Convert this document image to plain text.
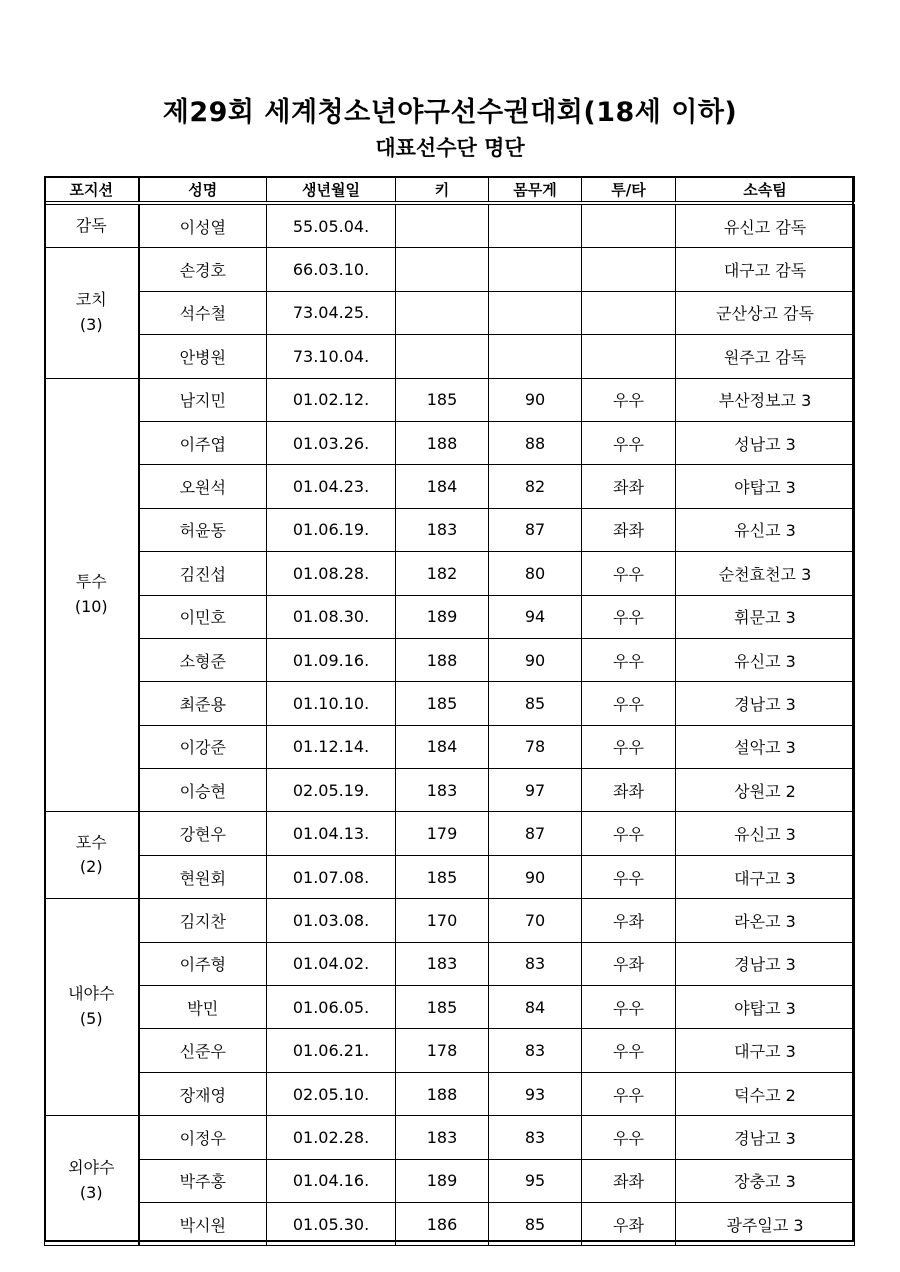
제29회 세계청소년야구선수권대회(18세 이하)
대표선수단 명단
포지션	성명	생년월일	키	몸무게	투/타	소속팀

감독	이성열	55.05.04.				유신고 감독

코치
(3)	손경호	66.03.10.				대구고 감독
	석수철	73.04.25.				군산상고 감독
	안병원	73.10.04.				원주고 감독

투수
(10)	남지민	01.02.12.	185	90	우우	부산정보고 3
	이주엽	01.03.26.	188	88	우우	성남고 3
	오원석	01.04.23.	184	82	좌좌	야탑고 3
	허윤동	01.06.19.	183	87	좌좌	유신고 3
	김진섭	01.08.28.	182	80	우우	순천효천고 3
	이민호	01.08.30.	189	94	우우	휘문고 3
	소형준	01.09.16.	188	90	우우	유신고 3
	최준용	01.10.10.	185	85	우우	경남고 3
	이강준	01.12.14.	184	78	우우	설악고 3
	이승현	02.05.19.	183	97	좌좌	상원고 2

포수
(2)	강현우	01.04.13.	179	87	우우	유신고 3
	현원회	01.07.08.	185	90	우우	대구고 3

내야수
(5)	김지찬	01.03.08.	170	70	우좌	라온고 3
	이주형	01.04.02.	183	83	우좌	경남고 3
	박민	01.06.05.	185	84	우우	야탑고 3
	신준우	01.06.21.	178	83	우우	대구고 3
	장재영	02.05.10.	188	93	우우	덕수고 2

외야수
(3)	이정우	01.02.28.	183	83	우우	경남고 3
	박주홍	01.04.16.	189	95	좌좌	장충고 3
	박시원	01.05.30.	186	85	우좌	광주일고 3
